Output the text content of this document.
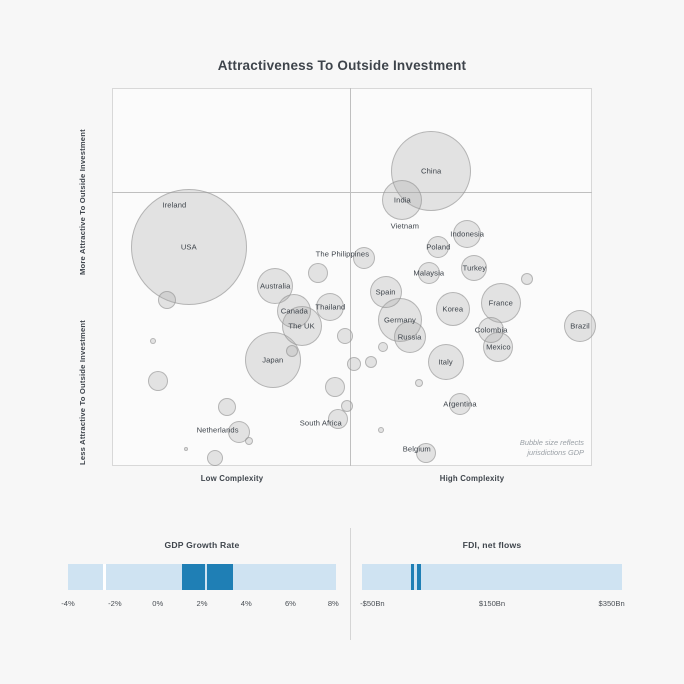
Attractiveness To Outside Investment
More Attractive To Outside Investment
Less Attractive To Outside Investment	Bubble size reflects
jurisdictions GDP
USA
Ireland
China
India
Vietnam
Indonesia
Poland
The Philippines
Malaysia
Turkey
Australia
Spain
France
Korea
Thailand
Canada
Germany
The UK	Colombia
Russia
Brazil
Mexico
Japan	Italy
Argentina
South Africa
Netherlands
Belgium
Low Complexity	High Complexity
GDP Growth Rate
-4%	-2%	0%	2%	4%	6%	8%
FDI, net flows
-$50Bn	$150Bn	$350Bn
